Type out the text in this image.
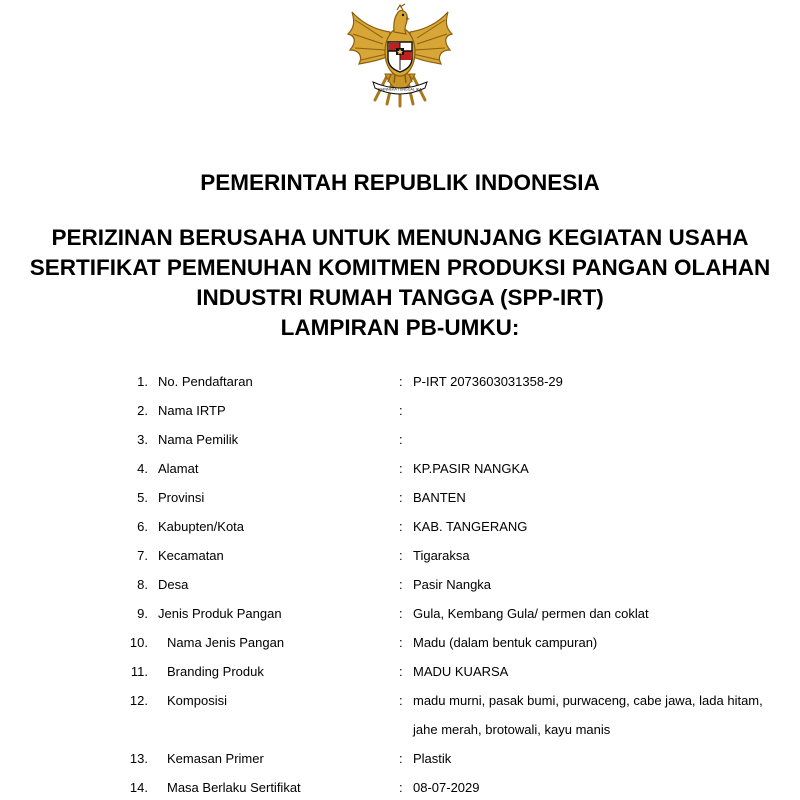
BHINNEKA TUNGGAL IKA
PEMERINTAH REPUBLIK INDONESIA
PERIZINAN BERUSAHA UNTUK MENUNJANG KEGIATAN USAHA
SERTIFIKAT PEMENUHAN KOMITMEN PRODUKSI PANGAN OLAHAN
INDUSTRI RUMAH TANGGA (SPP-IRT)
LAMPIRAN PB-UMKU:
1. No. Pendaftaran	: P-IRT 2073603031358-29
2. Nama IRTP	:
3. Nama Pemilik	:
4. Alamat	: KP.PASIR NANGKA
5. Provinsi	: BANTEN
6. Kabupten/Kota	: KAB. TANGERANG
7. Kecamatan	: Tigaraksa
8. Desa	: Pasir Nangka
9. Jenis Produk Pangan	: Gula, Kembang Gula/ permen dan coklat
10. Nama Jenis Pangan	: Madu (dalam bentuk campuran)
11. Branding Produk	: MADU KUARSA
12. Komposisi	: madu murni, pasak bumi, purwaceng, cabe jawa, lada hitam,
jahe merah, brotowali, kayu manis
13. Kemasan Primer	: Plastik
14. Masa Berlaku Sertifikat	: 08-07-2029
